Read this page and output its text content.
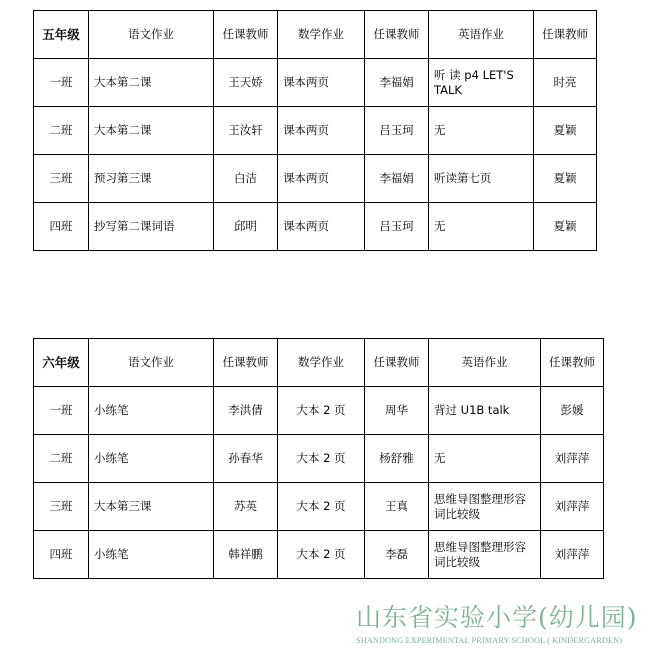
五年级	语文作业	任课教师	数学作业	任课教师	英语作业	任课教师
一班	大本第二课	王天娇	课本两页	李福娟	听 读 p4 LET'S TALK	时亮
二班	大本第二课	王汝轩	课本两页	吕玉珂	无	夏颖
三班	预习第三课	白洁	课本两页	李福娟	听读第七页	夏颖
四班	抄写第二课词语	邱明	课本两页	吕玉珂	无	夏颖
六年级	语文作业	任课教师	数学作业	任课教师	英语作业	任课教师
一班	小练笔	李洪倩	大本 2 页	周华	背过 U1B talk	彭媛
二班	小练笔	孙春华	大本 2 页	杨舒雅	无	刘萍萍
三班	大本第三课	苏英	大本 2 页	王真	思维导图整理形容词比较级	刘萍萍
四班	小练笔	韩祥鹏	大本 2 页	李磊	思维导图整理形容词比较级	刘萍萍
山东省实验小学(幼儿园)
SHANDONG EXPERIMENTAL PRIMARY SCHOOL ( KINDERGARDEN)
